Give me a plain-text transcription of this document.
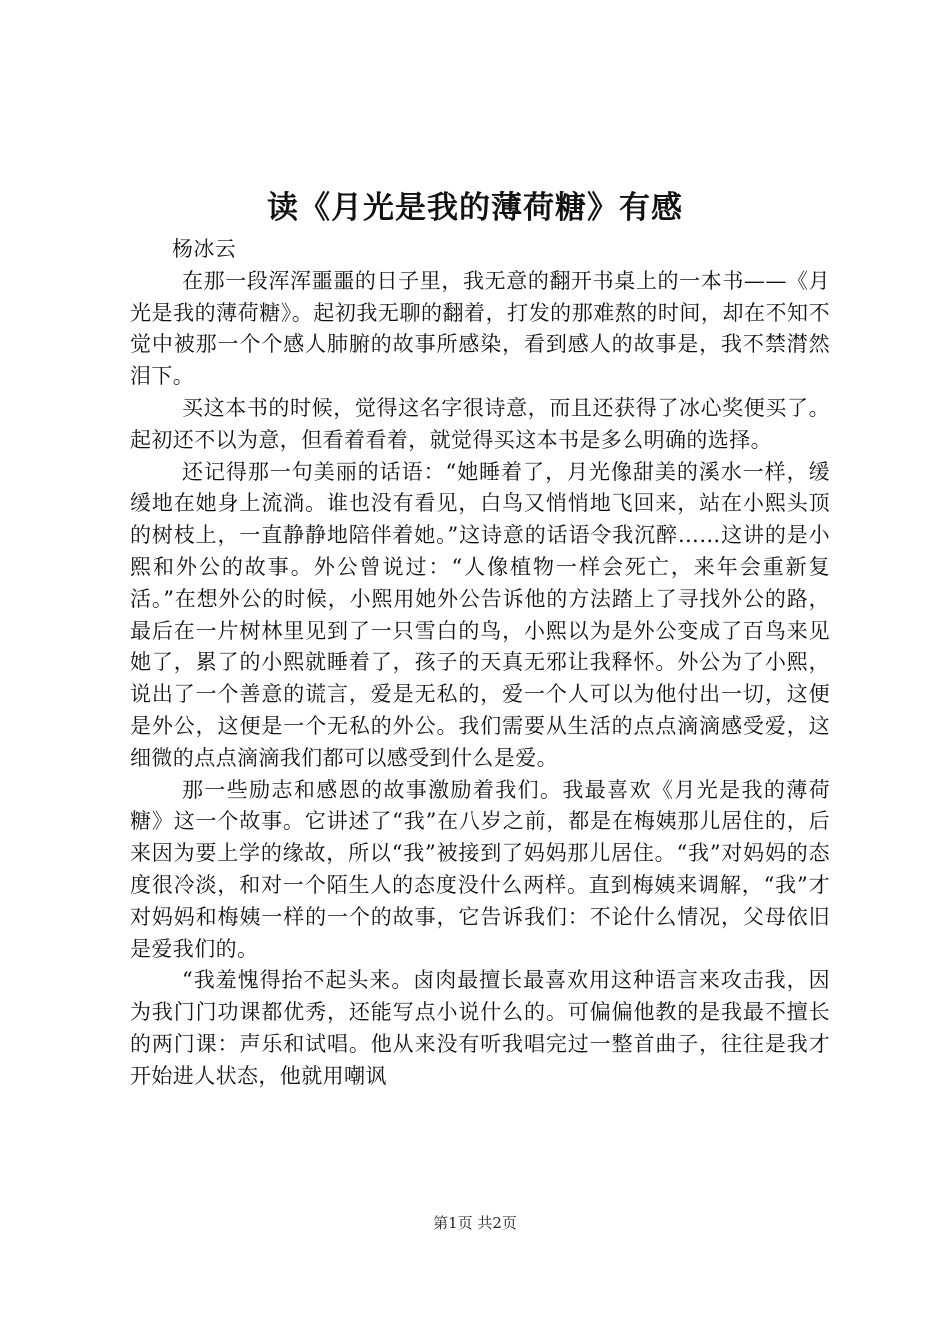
读《月光是我的薄荷糖》有感

杨冰云

在那一段浑浑噩噩的日子里，我无意的翻开书桌上的一本书——《月光是我的薄荷糖》。起初我无聊的翻着，打发的那难熬的时间，却在不知不觉中被那一个个感人肺腑的故事所感染，看到感人的故事是，我不禁潸然泪下。

买这本书的时候，觉得这名字很诗意，而且还获得了冰心奖便买了。起初还不以为意，但看着看着，就觉得买这本书是多么明确的选择。

还记得那一句美丽的话语：“她睡着了，月光像甜美的溪水一样，缓缓地在她身上流淌。谁也没有看见，白鸟又悄悄地飞回来，站在小熙头顶的树枝上，一直静静地陪伴着她。”这诗意的话语令我沉醉……这讲的是小熙和外公的故事。外公曾说过：“人像植物一样会死亡，来年会重新复活。”在想外公的时候，小熙用她外公告诉他的方法踏上了寻找外公的路，最后在一片树林里见到了一只雪白的鸟，小熙以为是外公变成了百鸟来见她了，累了的小熙就睡着了，孩子的天真无邪让我释怀。外公为了小熙，说出了一个善意的谎言，爱是无私的，爱一个人可以为他付出一切，这便是外公，这便是一个无私的外公。我们需要从生活的点点滴滴感受爱，这细微的点点滴滴我们都可以感受到什么是爱。

那一些励志和感恩的故事激励着我们。我最喜欢《月光是我的薄荷糖》这一个故事。它讲述了“我”在八岁之前，都是在梅姨那儿居住的，后来因为要上学的缘故，所以“我”被接到了妈妈那儿居住。“我”对妈妈的态度很冷淡，和对一个陌生人的态度没什么两样。直到梅姨来调解，“我”才对妈妈和梅姨一样的一个的故事，它告诉我们：不论什么情况，父母依旧是爱我们的。

“我羞愧得抬不起头来。卤肉最擅长最喜欢用这种语言来攻击我，因为我门门功课都优秀，还能写点小说什么的。可偏偏他教的是我最不擅长的两门课：声乐和试唱。他从来没有听我唱完过一整首曲子，往往是我才开始进人状态，他就用嘲讽

第1页 共2页
